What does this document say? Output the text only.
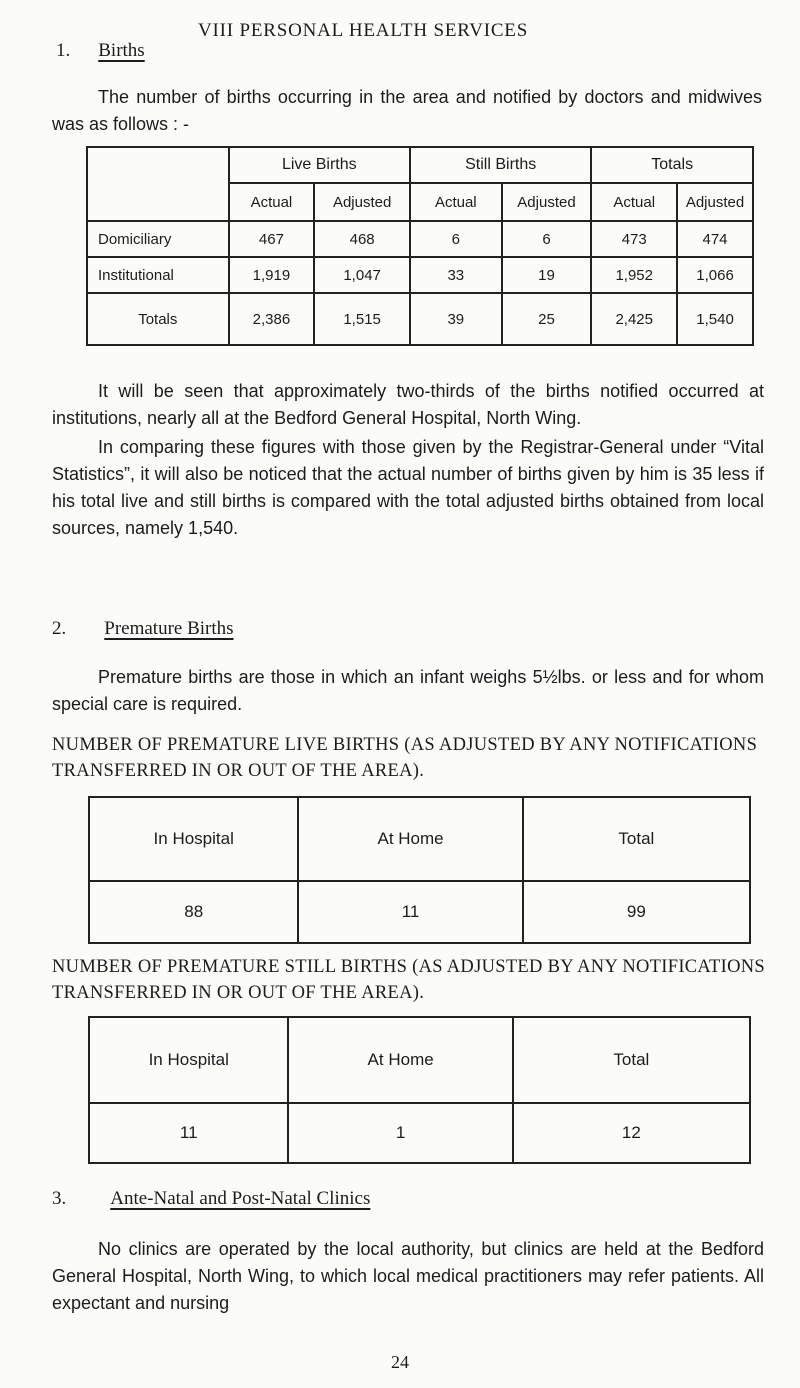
VIII PERSONAL HEALTH SERVICES
1. Births

The number of births occurring in the area and notified by doctors and midwives was as follows : -

	Live Births		Still Births		Totals	
	Actual	Adjusted	Actual	Adjusted	Actual	Adjusted
Domiciliary	467	468	6	6	473	474
Institutional	1,919	1,047	33	19	1,952	1,066
Totals	2,386	1,515	39	25	2,425	1,540

It will be seen that approximately two-thirds of the births notified occurred at institutions, nearly all at the Bedford General Hospital, North Wing.

In comparing these figures with those given by the Registrar-General under “Vital Statistics”, it will also be noticed that the actual number of births given by him is 35 less if his total live and still births is compared with the total adjusted births obtained from local sources, namely 1,540.

2. Premature Births

Premature births are those in which an infant weighs 5½lbs. or less and for whom special care is required.

NUMBER OF PREMATURE LIVE BIRTHS (AS ADJUSTED BY ANY NOTIFICATIONS TRANSFERRED IN OR OUT OF THE AREA).
In Hospital	At Home	Total
88	11	99
NUMBER OF PREMATURE STILL BIRTHS (AS ADJUSTED BY ANY NOTIFICATIONS TRANSFERRED IN OR OUT OF THE AREA).
In Hospital	At Home	Total
11	1	12
3. Ante-Natal and Post-Natal Clinics

No clinics are operated by the local authority, but clinics are held at the Bedford General Hospital, North Wing, to which local medical practitioners may refer patients. All expectant and nursing

24
